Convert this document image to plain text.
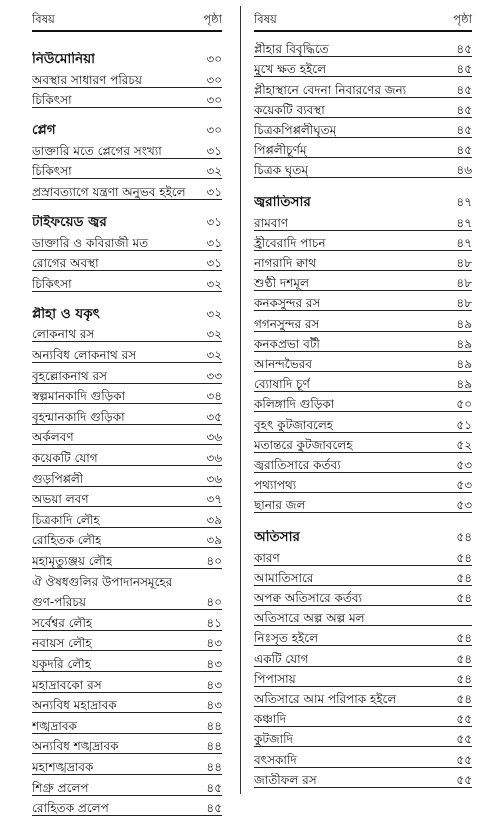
বিষয়	পৃষ্ঠা
নিউমোনিয়া	৩০
অবস্থার সাধারণ পরিচয়	৩০
চিকিৎসা	৩০
প্লেগ	৩০
ডাক্তারি মতে প্লেগের সংখ্যা	৩১
চিকিৎসা	৩২
প্রস্রাবত্যাগে যন্ত্রণা অনুভব হইলে	৩১
টাইফয়েড জ্বর	৩১
ডাক্তারি ও কবিরাজী মত	৩১
রোগের অবস্থা	৩১
চিকিৎসা	৩২
প্লীহা ও যকৃৎ	৩২
লোকনাথ রস	৩২
অন্যবিধ লোকনাথ রস	৩২
বৃহল্লোকনাথ রস	৩৩
স্বল্পমানকাদি গুড়িকা	৩৪
বৃহন্মানকাদি গুড়িকা	৩৫
অর্কলবণ	৩৬
কয়েকটি যোগ	৩৬
গুড়পিপ্পলী	৩৬
অভয়া লবণ	৩৭
চিত্রকাদি লৌহ	৩৯
রোহিতক লৌহ	৩৯
মহামৃত্যুঞ্জয় লৌহ	৪০
ঐ ঔষধগুলির উপাদানসমূহের
গুণ-পরিচয়	৪০
সর্বেশ্বর লৌহ	৪১
নবায়স লৌহ	৪৩
যকৃদরি লৌহ	৪৩
মহাদ্রাবকো রস	৪৩
অন্যবিধ মহাদ্রাবক	৪৩
শঙ্খদ্রাবক	৪৪
অন্যবিধ শঙ্খদ্রাবক	৪৪
মহাশঙ্খদ্রাবক	৪৪
শিগ্রু প্রলেপ	৪৫
রোহিতক প্রলেপ	৪৫
বিষয়	পৃষ্ঠা
প্লীহার বিবৃদ্ধিতে	৪৫
মুখে ক্ষত হইলে	৪৫
প্লীহাস্থানে বেদনা নিবারণের জন্য	৪৫
কয়েকটি ব্যবস্থা	৪৫
চিত্রকপিপ্পলীঘৃতম্	৪৫
পিপ্পলীচূর্ণম্	৪৫
চিত্রক ঘৃতম্	৪৬
জ্বরাতিসার	৪৭
রামবাণ	৪৭
হ্রীবেরাদি পাচন	৪৭
নাগরাদি ক্বাথ	৪৮
শুণ্ঠী দশমূল	৪৮
কনকসুন্দর রস	৪৮
গগনসুন্দর রস	৪৯
কনকপ্রভা বটী	৪৯
আনন্দভৈরব	৪৯
ব্যোষাদি চূর্ণ	৪৯
কলিঙ্গাদি গুড়িকা	৫০
বৃহৎ কুটজাবলেহ	৫১
মতান্তরে কুটজাবলেহ	৫২
জ্বরাতিসারে কর্তব্য	৫৩
পথ্যাপথ্য	৫৩
ছানার জল	৫৩
অতিসার	৫৪
কারণ	৫৪
আমাতিসারে	৫৪
অপক্ব অতিসারে কর্তব্য	৫৪
অতিসারে অল্প অল্প মল
নিঃসৃত হইলে	৫৪
একটি যোগ	৫৪
পিপাসায়	৫৪
অতিসারে আম পরিপাক হইলে	৫৪
কঞ্চাদি	৫৫
কুটজাদি	৫৫
বৎসকাদি	৫৫
জাতীফল রস	৫৫
